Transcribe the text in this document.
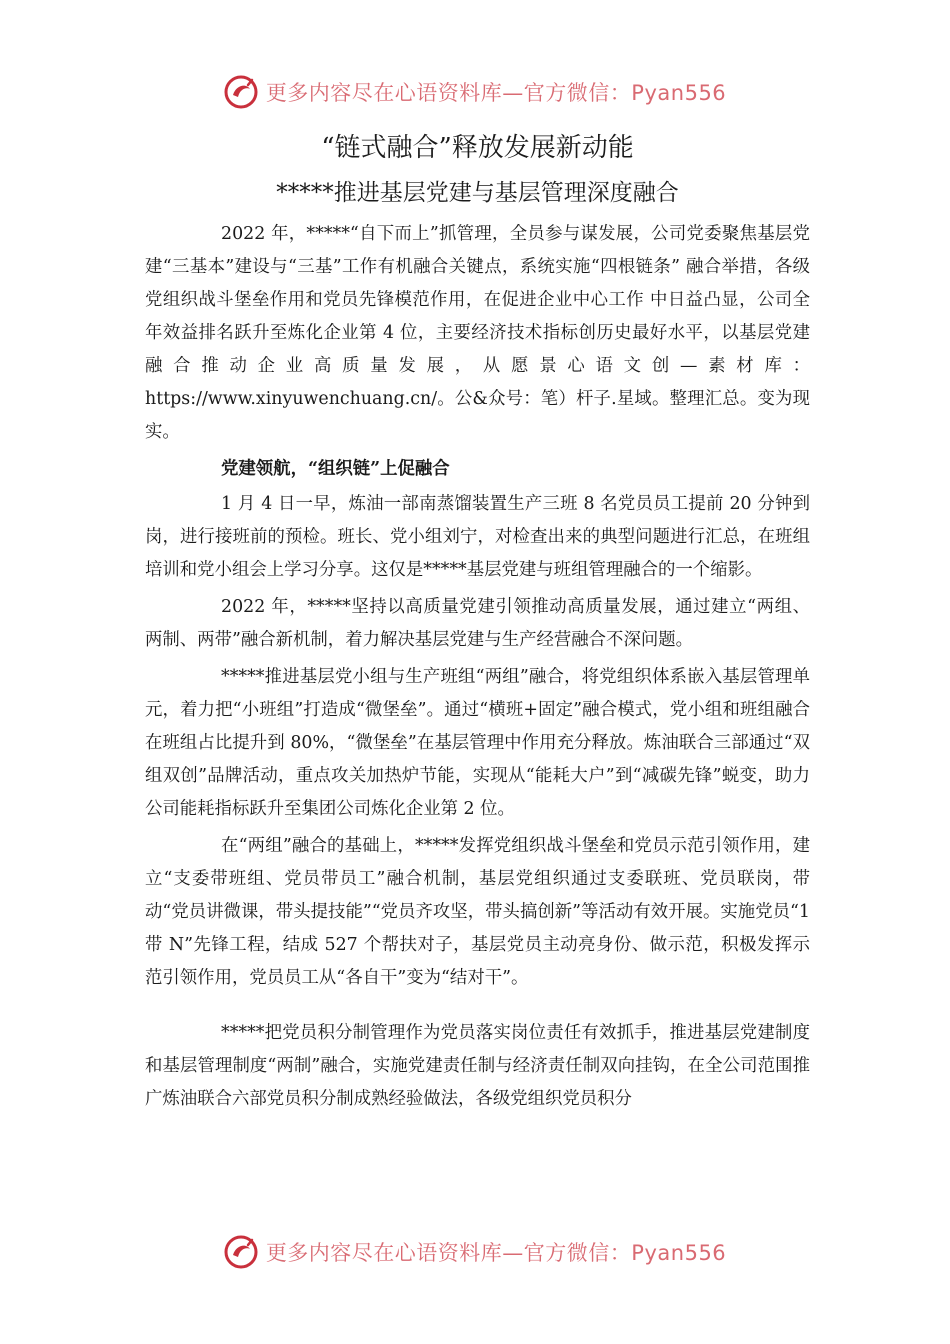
更多内容尽在心语资料库—官方微信：Pyan556
“链式融合”释放发展新动能
*****推进基层党建与基层管理深度融合

2022 年，*****“自下而上”抓管理，全员参与谋发展，公司党委聚焦基层党建“三基本”建设与“三基”工作有机融合关键点，系统实施“四根链条” 融合举措，各级党组织战斗堡垒作用和党员先锋模范作用，在促进企业中心工作 中日益凸显，公司全年效益排名跃升至炼化企业第 4 位，主要经济技术指标创历史最好水平，以基层党建融合推动企业高质量发展，从愿景心语文创—素材库：https://www.xinyuwenchuang.cn/。公&众号：笔）杆子.星域。整理汇总。变为现实。

党建领航，“组织链”上促融合

1 月 4 日一早，炼油一部南蒸馏装置生产三班 8 名党员员工提前 20 分钟到岗，进行接班前的预检。班长、党小组刘宁，对检查出来的典型问题进行汇总，在班组培训和党小组会上学习分享。这仅是*****基层党建与班组管理融合的一个缩影。

2022 年，*****坚持以高质量党建引领推动高质量发展，通过建立“两组、两制、两带”融合新机制，着力解决基层党建与生产经营融合不深问题。

*****推进基层党小组与生产班组“两组”融合，将党组织体系嵌入基层管理单元，着力把“小班组”打造成“微堡垒”。通过“横班+固定”融合模式，党小组和班组融合在班组占比提升到 80%，“微堡垒”在基层管理中作用充分释放。炼油联合三部通过“双组双创”品牌活动，重点攻关加热炉节能，实现从“能耗大户”到“减碳先锋”蜕变，助力公司能耗指标跃升至集团公司炼化企业第 2 位。

在“两组”融合的基础上，*****发挥党组织战斗堡垒和党员示范引领作用，建立“支委带班组、党员带员工”融合机制，基层党组织通过支委联班、党员联岗，带动“党员讲微课，带头提技能”“党员齐攻坚，带头搞创新”等活动有效开展。实施党员“1 带 N”先锋工程，结成 527 个帮扶对子，基层党员主动亮身份、做示范，积极发挥示范引领作用，党员员工从“各自干”变为“结对干”。

*****把党员积分制管理作为党员落实岗位责任有效抓手，推进基层党建制度和基层管理制度“两制”融合，实施党建责任制与经济责任制双向挂钩，在全公司范围推广炼油联合六部党员积分制成熟经验做法，各级党组织党员积分

更多内容尽在心语资料库—官方微信：Pyan556
